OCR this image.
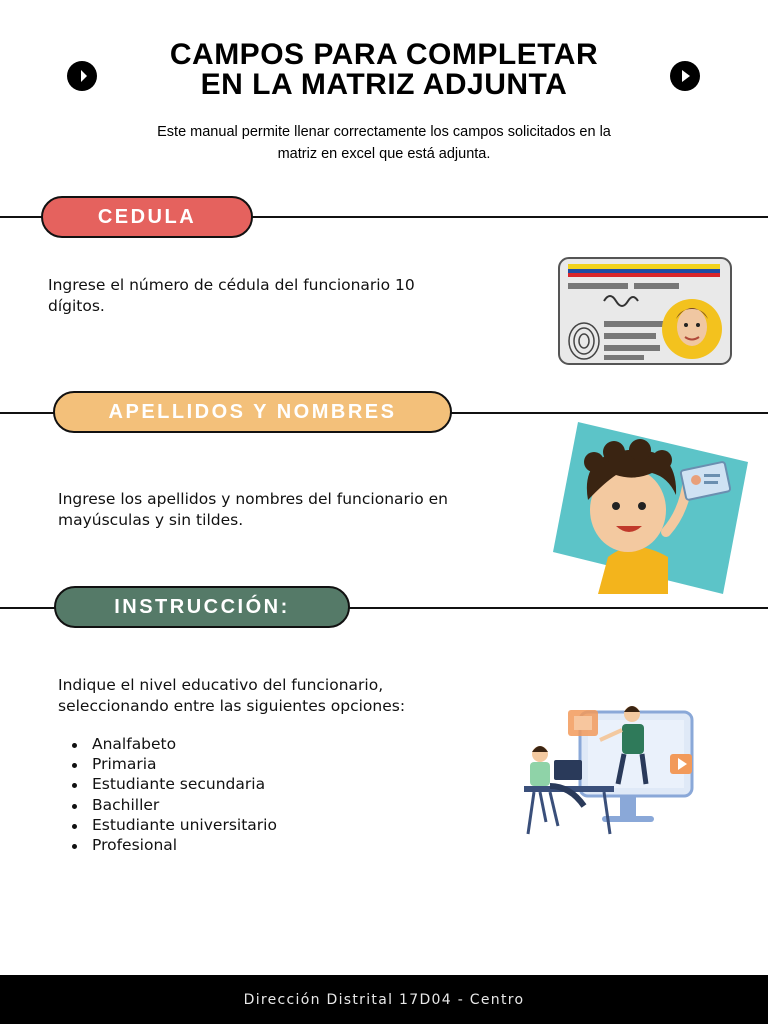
CAMPOS PARA COMPLETAR
EN LA MATRIZ ADJUNTA
Este manual permite llenar correctamente los campos solicitados en la
matriz en excel que está adjunta.
CEDULA
Ingrese el número de cédula del funcionario 10
dígitos.
APELLIDOS Y NOMBRES
Ingrese los apellidos y nombres del funcionario en
mayúsculas y sin tildes.
INSTRUCCIÓN:
Indique el nivel educativo del funcionario,
seleccionando entre las siguientes opciones:
Analfabeto
Primaria
Estudiante secundaria
Bachiller
Estudiante universitario
Profesional
Dirección Distrital 17D04 - Centro
